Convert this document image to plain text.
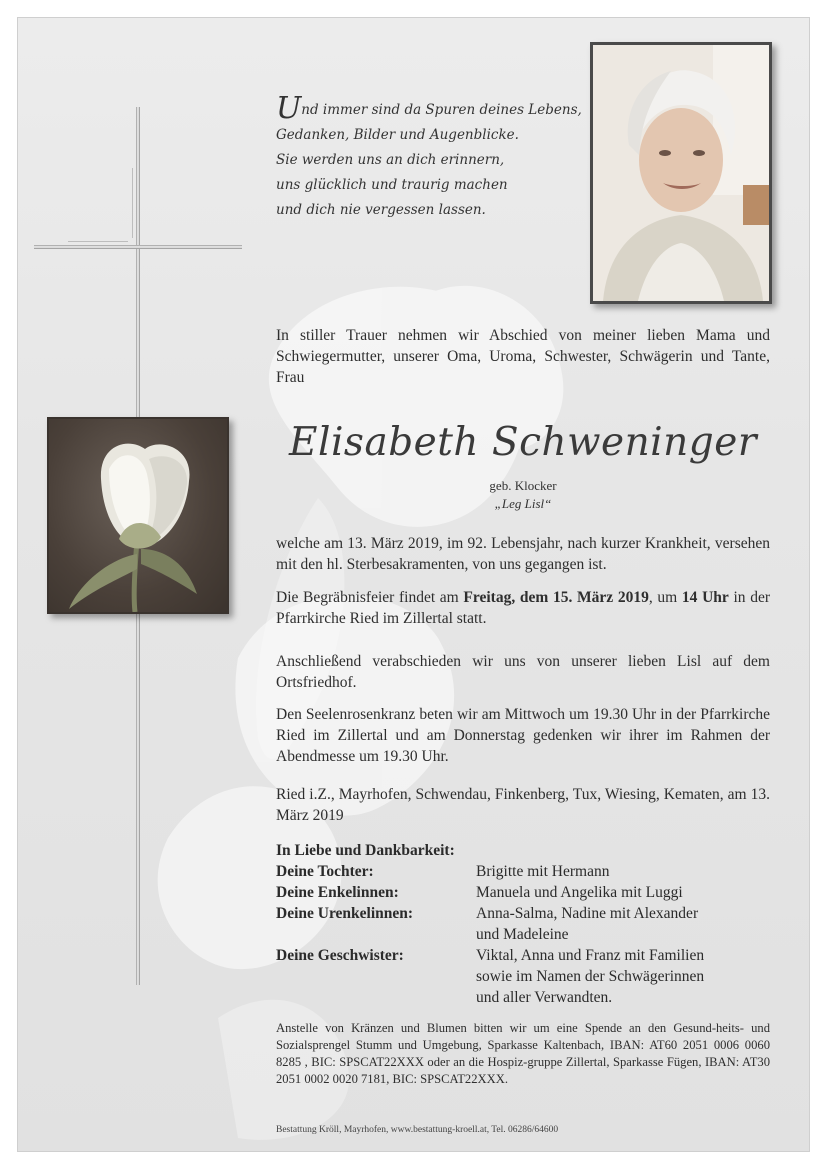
Und immer sind da Spuren deines Lebens,
Gedanken, Bilder und Augenblicke.
Sie werden uns an dich erinnern,
uns glücklich und traurig machen
und dich nie vergessen lassen.
In stiller Trauer nehmen wir Abschied von meiner lieben Mama und Schwiegermutter, unserer Oma, Uroma, Schwester, Schwägerin und Tante, Frau
Elisabeth Schweninger
geb. Klocker
„Leg Lisl“
welche am 13. März 2019, im 92. Lebensjahr, nach kurzer Krankheit, versehen mit den hl. Sterbesakramenten, von uns gegangen ist.
Die Begräbnisfeier findet am Freitag, dem 15. März 2019, um 14 Uhr in der Pfarrkirche Ried im Zillertal statt.
Anschließend verabschieden wir uns von unserer lieben Lisl auf dem Ortsfriedhof.
Den Seelenrosenkranz beten wir am Mittwoch um 19.30 Uhr in der Pfarrkirche Ried im Zillertal und am Donnerstag gedenken wir ihrer im Rahmen der Abendmesse um 19.30 Uhr.
Ried i.Z., Mayrhofen, Schwendau, Finkenberg, Tux, Wiesing, Kematen, am 13. März 2019
In Liebe und Dankbarkeit:
Deine Tochter:	Brigitte mit Hermann
Deine Enkelinnen:	Manuela und Angelika mit Luggi
Deine Urenkelinnen:	Anna-Salma, Nadine mit Alexander
und Madeleine
Deine Geschwister:	Viktal, Anna und Franz mit Familien
sowie im Namen der Schwägerinnen
und aller Verwandten.
Anstelle von Kränzen und Blumen bitten wir um eine Spende an den Gesund-heits- und Sozialsprengel Stumm und Umgebung, Sparkasse Kaltenbach, IBAN: AT60 2051 0006 0060 8285 , BIC: SPSCAT22XXX oder an die Hospiz-gruppe Zillertal, Sparkasse Fügen, IBAN: AT30 2051 0002 0020 7181, BIC: SPSCAT22XXX.
Bestattung Kröll, Mayrhofen, www.bestattung-kroell.at, Tel. 06286/64600
